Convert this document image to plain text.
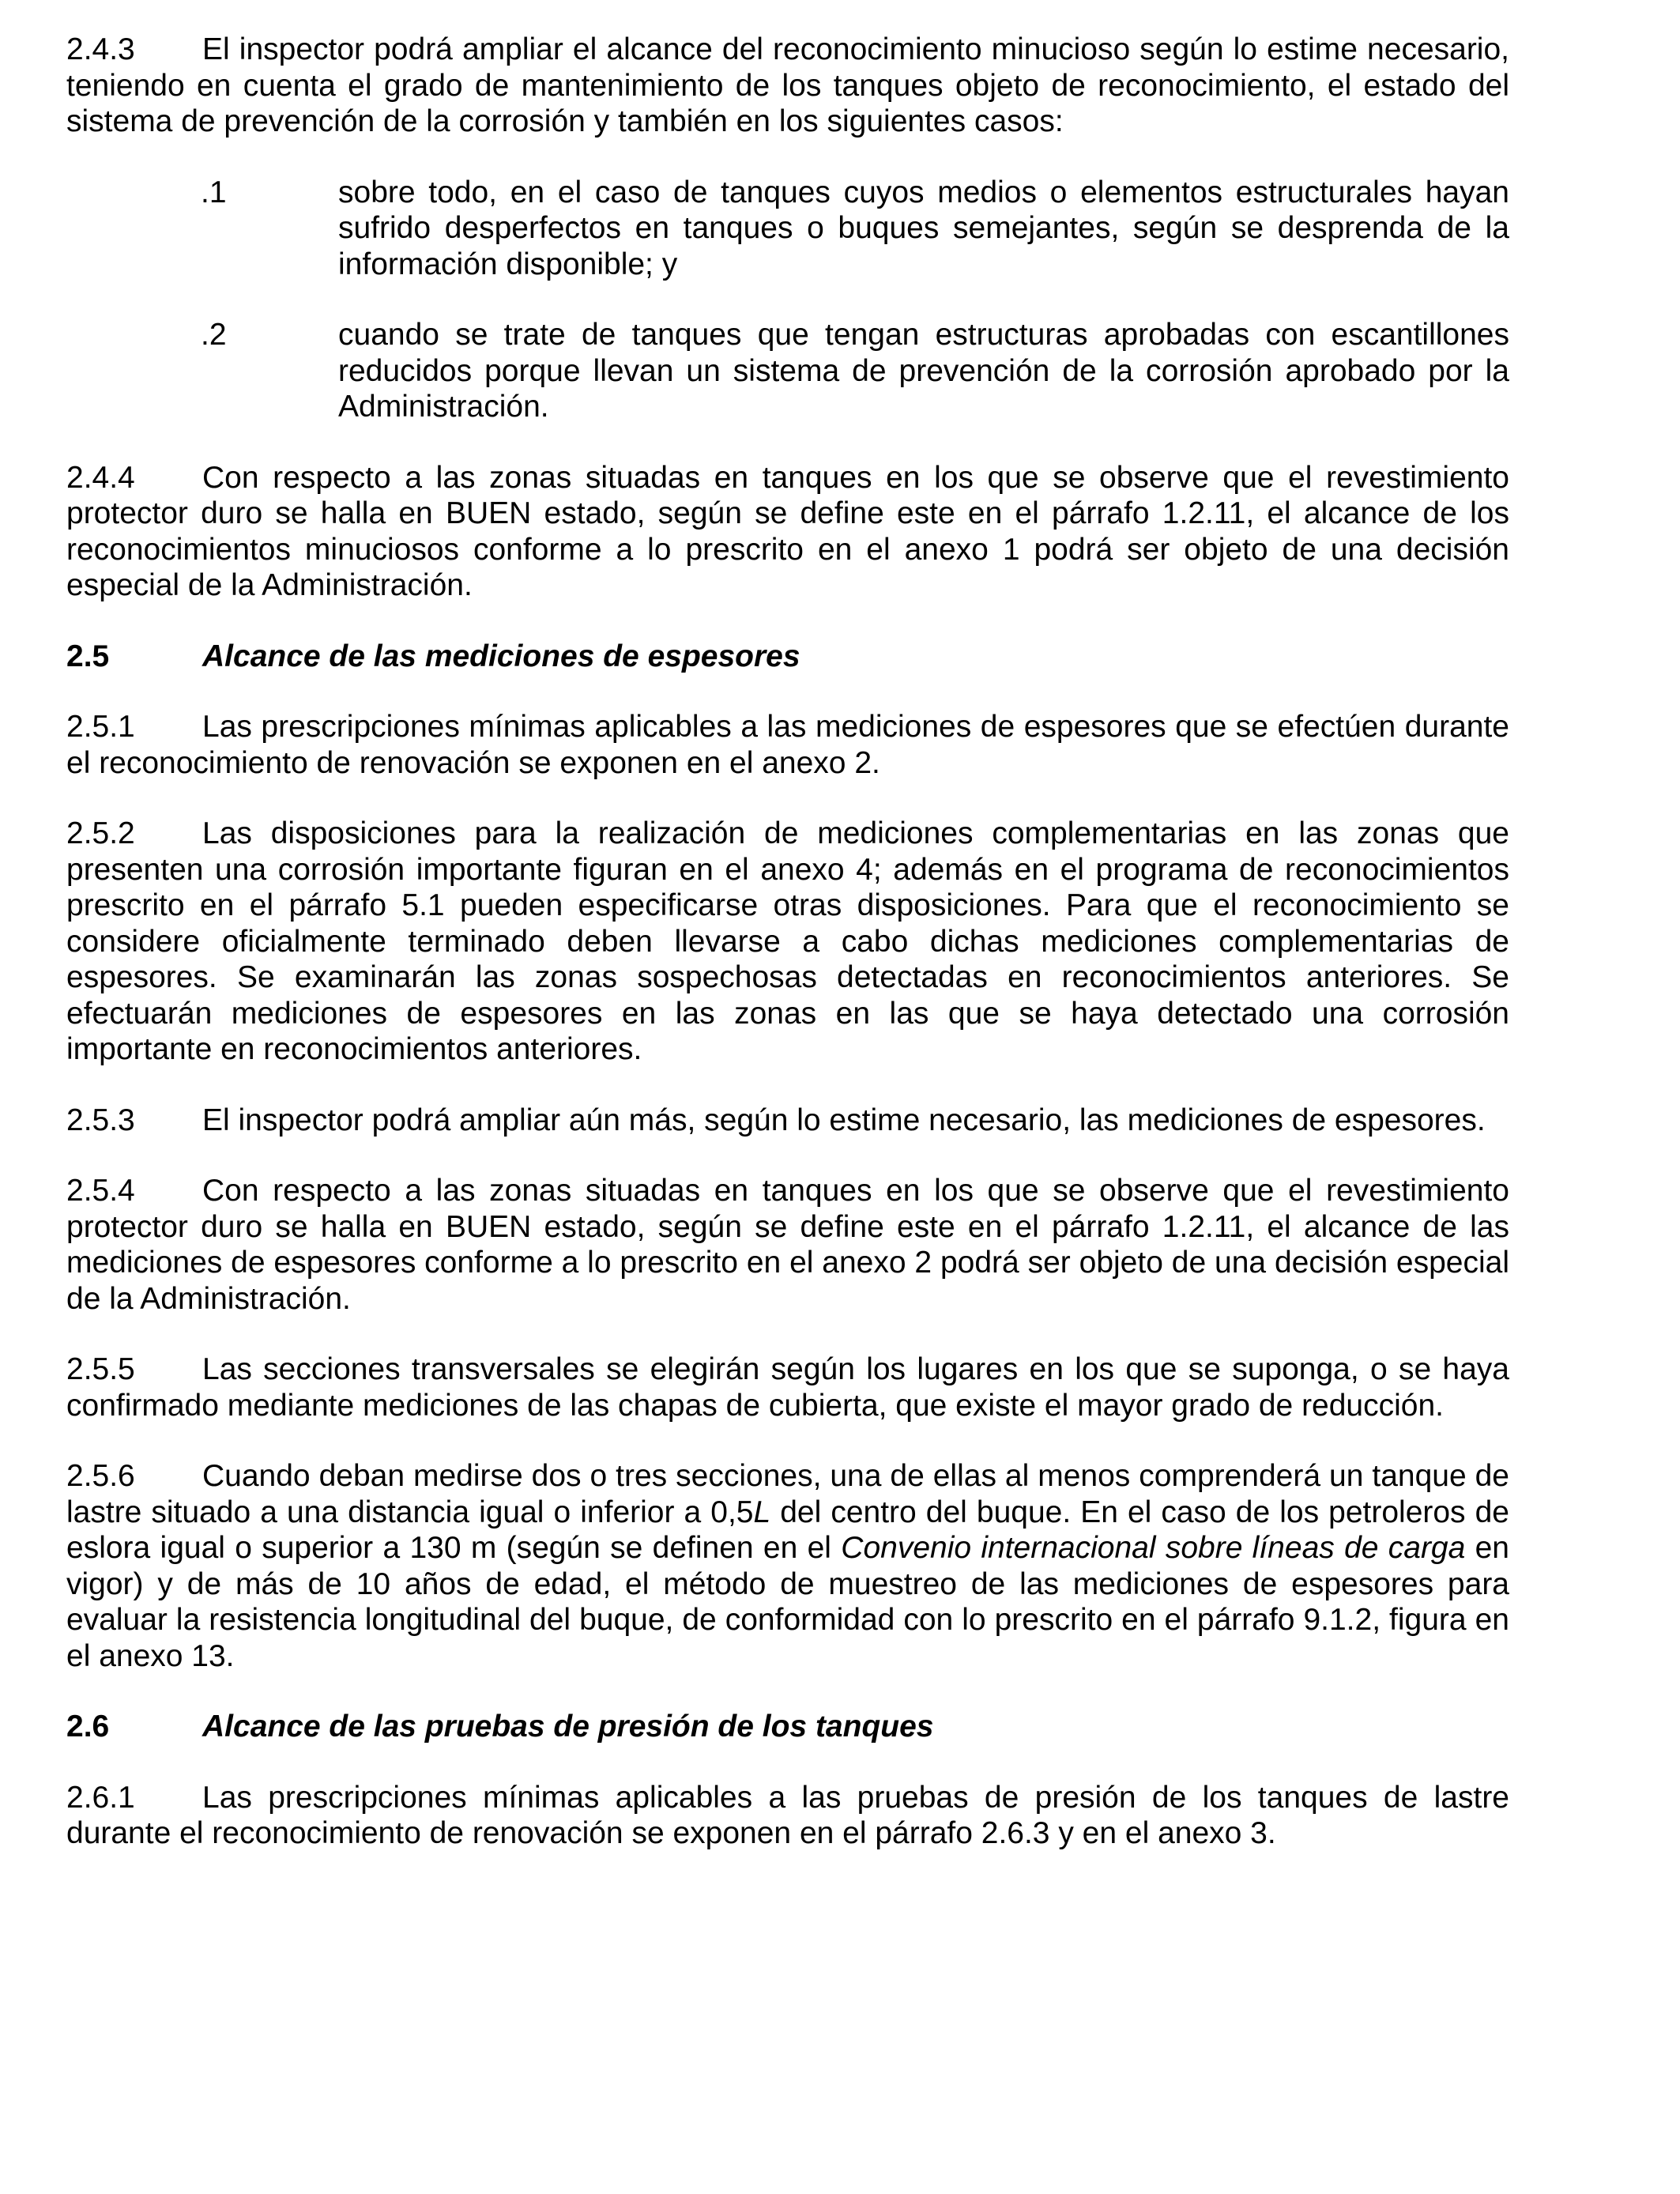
2.4.3 El inspector podrá ampliar el alcance del reconocimiento minucioso según lo estime necesario, teniendo en cuenta el grado de mantenimiento de los tanques objeto de reconocimiento, el estado del sistema de prevención de la corrosión y también en los siguientes casos:

.1	sobre todo, en el caso de tanques cuyos medios o elementos estructurales hayan sufrido desperfectos en tanques o buques semejantes, según se desprenda de la información disponible; y
.2	cuando se trate de tanques que tengan estructuras aprobadas con escantillones reducidos porque llevan un sistema de prevención de la corrosión aprobado por la Administración.

2.4.4 Con respecto a las zonas situadas en tanques en los que se observe que el revestimiento protector duro se halla en BUEN estado, según se define este en el párrafo 1.2.11, el alcance de los reconocimientos minuciosos conforme a lo prescrito en el anexo 1 podrá ser objeto de una decisión especial de la Administración.

2.5	Alcance de las mediciones de espesores

2.5.1 Las prescripciones mínimas aplicables a las mediciones de espesores que se efectúen durante el reconocimiento de renovación se exponen en el anexo 2.

2.5.2 Las disposiciones para la realización de mediciones complementarias en las zonas que presenten una corrosión importante figuran en el anexo 4; además en el programa de reconocimientos prescrito en el párrafo 5.1 pueden especificarse otras disposiciones. Para que el reconocimiento se considere oficialmente terminado deben llevarse a cabo dichas mediciones complementarias de espesores. Se examinarán las zonas sospechosas detectadas en reconocimientos anteriores. Se efectuarán mediciones de espesores en las zonas en las que se haya detectado una corrosión importante en reconocimientos anteriores.

2.5.3 El inspector podrá ampliar aún más, según lo estime necesario, las mediciones de espesores.

2.5.4 Con respecto a las zonas situadas en tanques en los que se observe que el revestimiento protector duro se halla en BUEN estado, según se define este en el párrafo 1.2.11, el alcance de las mediciones de espesores conforme a lo prescrito en el anexo 2 podrá ser objeto de una decisión especial de la Administración.

2.5.5 Las secciones transversales se elegirán según los lugares en los que se suponga, o se haya confirmado mediante mediciones de las chapas de cubierta, que existe el mayor grado de reducción.

2.5.6 Cuando deban medirse dos o tres secciones, una de ellas al menos comprenderá un tanque de lastre situado a una distancia igual o inferior a 0,5L del centro del buque. En el caso de los petroleros de eslora igual o superior a 130 m (según se definen en el Convenio internacional sobre líneas de carga en vigor) y de más de 10 años de edad, el método de muestreo de las mediciones de espesores para evaluar la resistencia longitudinal del buque, de conformidad con lo prescrito en el párrafo 9.1.2, figura en el anexo 13.

2.6	Alcance de las pruebas de presión de los tanques

2.6.1 Las prescripciones mínimas aplicables a las pruebas de presión de los tanques de lastre durante el reconocimiento de renovación se exponen en el párrafo 2.6.3 y en el anexo 3.
